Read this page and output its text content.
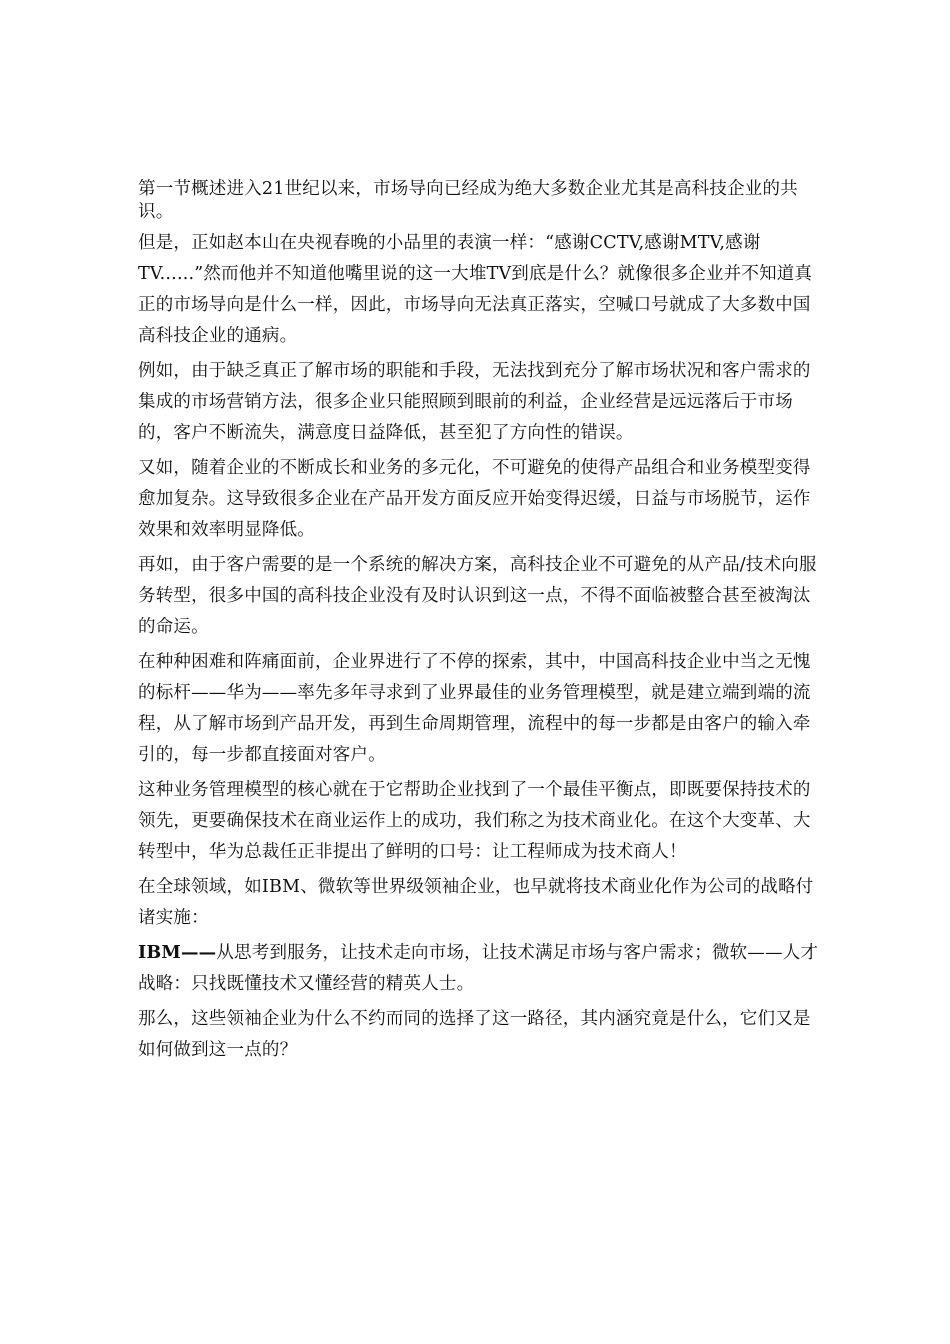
第一节概述进入21世纪以来，市场导向已经成为绝大多数企业尤其是高科技企业的共识。

但是，正如赵本山在央视春晚的小品里的表演一样：“感谢CCTV,感谢MTV,感谢TV......”然而他并不知道他嘴里说的这一大堆TV到底是什么？就像很多企业并不知道真正的市场导向是什么一样，因此，市场导向无法真正落实，空喊口号就成了大多数中国高科技企业的通病。

例如，由于缺乏真正了解市场的职能和手段，无法找到充分了解市场状况和客户需求的集成的市场营销方法，很多企业只能照顾到眼前的利益，企业经营是远远落后于市场的，客户不断流失，满意度日益降低，甚至犯了方向性的错误。

又如，随着企业的不断成长和业务的多元化，不可避免的使得产品组合和业务模型变得愈加复杂。这导致很多企业在产品开发方面反应开始变得迟缓，日益与市场脱节，运作效果和效率明显降低。

再如，由于客户需要的是一个系统的解决方案，高科技企业不可避免的从产品/技术向服务转型，很多中国的高科技企业没有及时认识到这一点，不得不面临被整合甚至被淘汰的命运。

在种种困难和阵痛面前，企业界进行了不停的探索，其中，中国高科技企业中当之无愧的标杆——华为——率先多年寻求到了业界最佳的业务管理模型，就是建立端到端的流程，从了解市场到产品开发，再到生命周期管理，流程中的每一步都是由客户的输入牵引的，每一步都直接面对客户。

这种业务管理模型的核心就在于它帮助企业找到了一个最佳平衡点，即既要保持技术的领先，更要确保技术在商业运作上的成功，我们称之为技术商业化。在这个大变革、大转型中，华为总裁任正非提出了鲜明的口号：让工程师成为技术商人！

在全球领域，如IBM、微软等世界级领袖企业，也早就将技术商业化作为公司的战略付诸实施：

IBM——从思考到服务，让技术走向市场，让技术满足市场与客户需求；微软——人才战略：只找既懂技术又懂经营的精英人士。

那么，这些领袖企业为什么不约而同的选择了这一路径，其内涵究竟是什么，它们又是如何做到这一点的？
